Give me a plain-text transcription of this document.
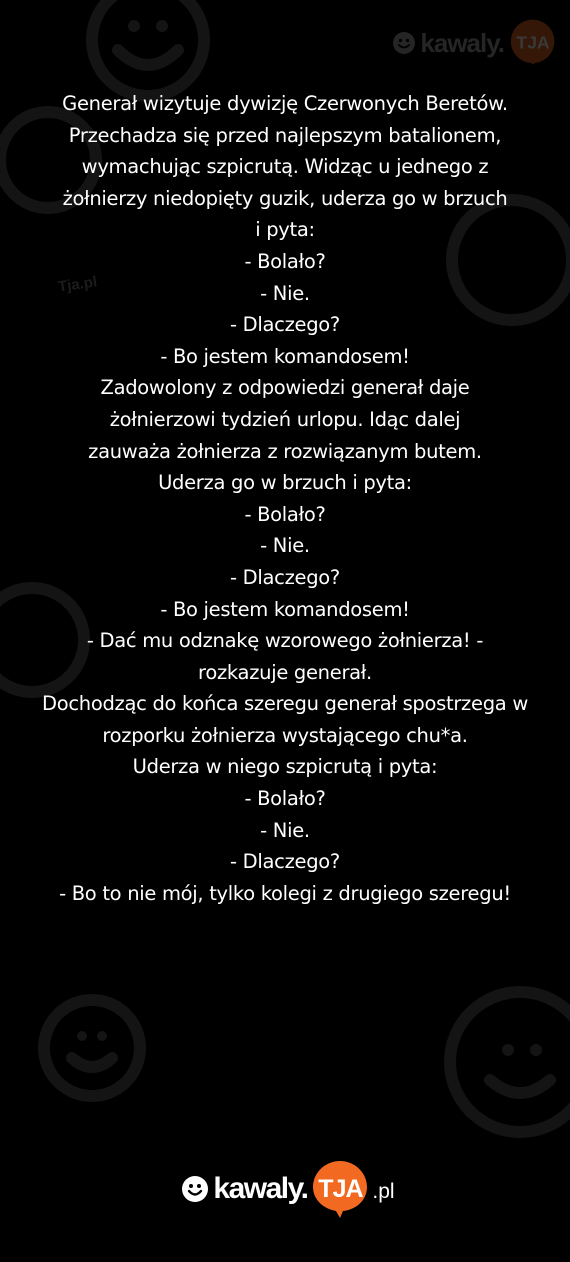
kawaly. TJA
Tja.pl
Generał wizytuje dywizję Czerwonych Beretów.
Przechadza się przed najlepszym batalionem,
wymachując szpicrutą. Widząc u jednego z
żołnierzy niedopięty guzik, uderza go w brzuch
i pyta:
- Bolało?
- Nie.
- Dlaczego?
- Bo jestem komandosem!
Zadowolony z odpowiedzi generał daje
żołnierzowi tydzień urlopu. Idąc dalej
zauważa żołnierza z rozwiązanym butem.
Uderza go w brzuch i pyta:
- Bolało?
- Nie.
- Dlaczego?
- Bo jestem komandosem!
- Dać mu odznakę wzorowego żołnierza! -
rozkazuje generał.
Dochodząc do końca szeregu generał spostrzega w
rozporku żołnierza wystającego chu*a.
Uderza w niego szpicrutą i pyta:
- Bolało?
- Nie.
- Dlaczego?
- Bo to nie mój, tylko kolegi z drugiego szeregu!
kawaly. TJA .pl
